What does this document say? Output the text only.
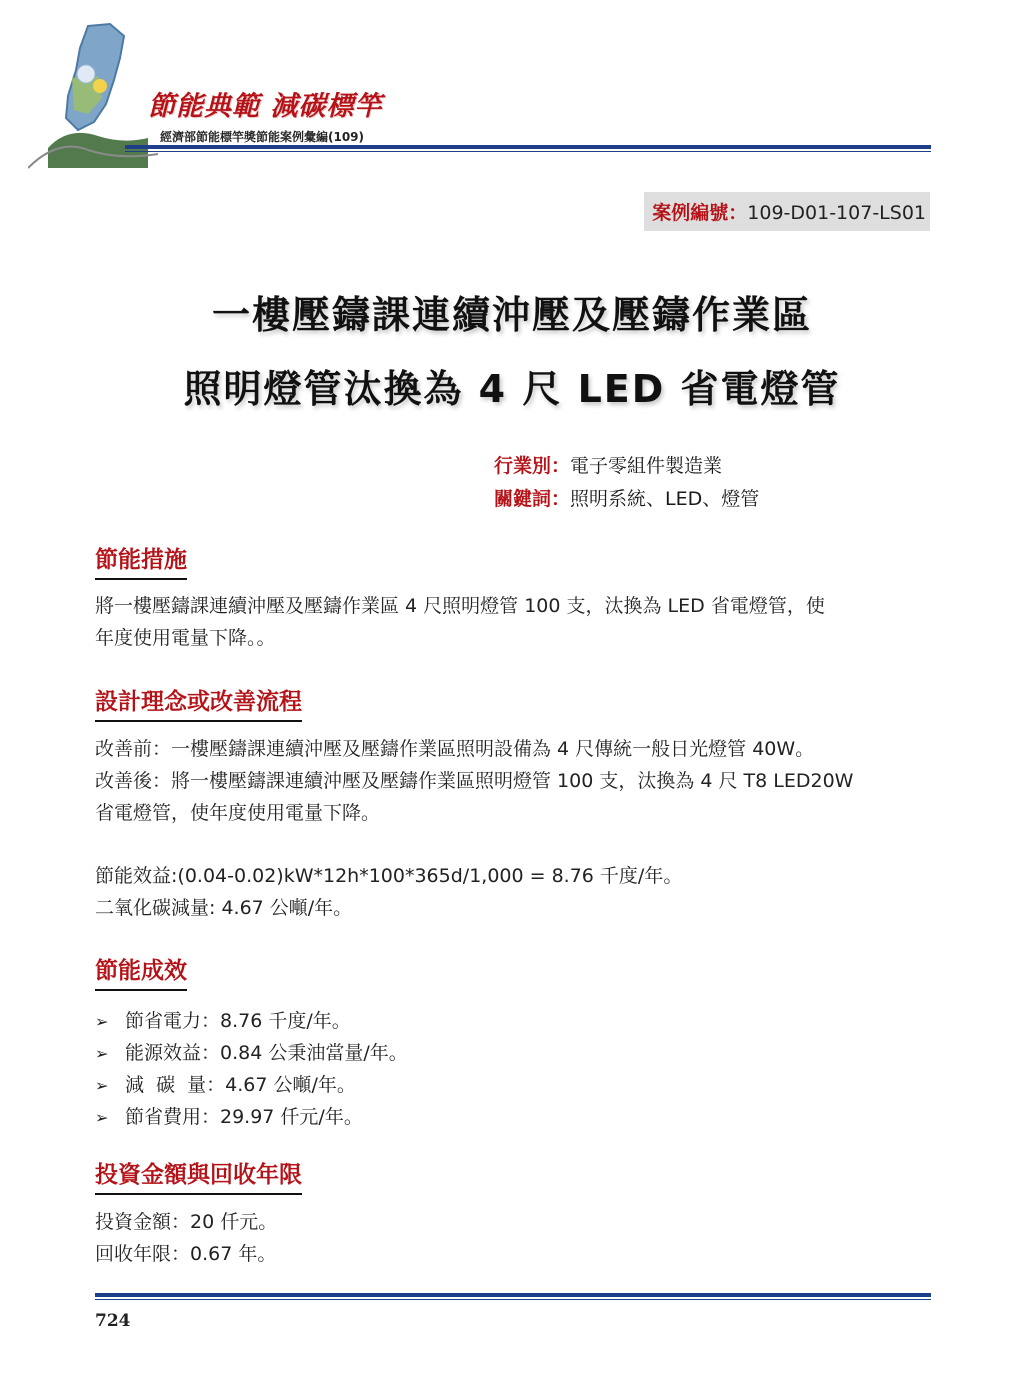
節能典範 減碳標竿
經濟部節能標竿獎節能案例彙編(109)
案例編號：109-D01-107-LS01
一樓壓鑄課連續沖壓及壓鑄作業區
照明燈管汰換為 4 尺 LED 省電燈管
行業別：電子零組件製造業
關鍵詞：照明系統、LED、燈管
節能措施
將一樓壓鑄課連續沖壓及壓鑄作業區 4 尺照明燈管 100 支，汰換為 LED 省電燈管，使
年度使用電量下降。。
設計理念或改善流程
改善前：一樓壓鑄課連續沖壓及壓鑄作業區照明設備為 4 尺傳統一般日光燈管 40W。
改善後：將一樓壓鑄課連續沖壓及壓鑄作業區照明燈管 100 支，汰換為 4 尺 T8 LED20W
省電燈管，使年度使用電量下降。
節能效益:(0.04-0.02)kW*12h*100*365d/1,000 = 8.76 千度/年。
二氧化碳減量: 4.67 公噸/年。
節能成效
➢ 節省電力：8.76 千度/年。
➢ 能源效益：0.84 公秉油當量/年。
➢ 減  碳  量：4.67 公噸/年。
➢ 節省費用：29.97 仟元/年。
投資金額與回收年限
投資金額：20 仟元。
回收年限：0.67 年。
724
